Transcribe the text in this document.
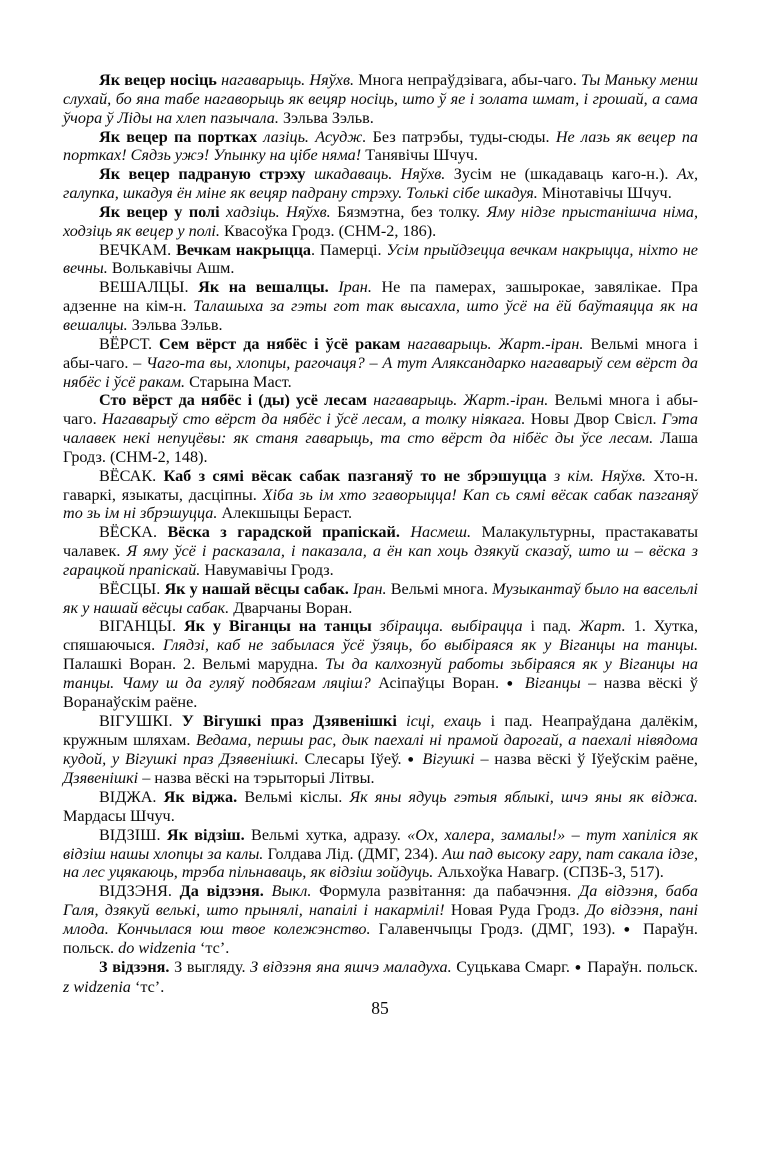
Як вецер носіць нагаварыць. Няўхв. Многа непраўдзівага, абы-чаго. Ты Маньку менш слухай, бо яна табе нагаворыць як вецяр носіць, што ў яе і золата шмат, і грошай, а сама ўчора ў Ліды на хлеп пазычала. Зэльва Зэльв.

Як вецер па портках лазіць. Асудж. Без патрэбы, туды-сюды. Не лазь як вецер па портках! Сядзь ужэ! Упынку на цібе няма! Танявічы Шчуч.

Як вецер падраную стрэху шкадаваць. Няўхв. Зусім не (шкадаваць каго-н.). Ах, галупка, шкадуя ён міне як вецяр падрану стрэху. Толькі сібе шкадуя. Мінотавічы Шчуч.

Як вецер у полі хадзіць. Няўхв. Бязмэтна, без толку. Яму нідзе прыстанішча німа, ходзіць як вецер у полі. Квасоўка Гродз. (СНМ-2, 186).

ВЕЧКАМ. Вечкам накрыцца. Памерці. Усім прыйдзецца вечкам накрыцца, ніхто не вечны. Волькавічы Ашм.

ВЕШАЛЦЫ. Як на вешалцы. Іран. Не па памерах, зашырокае, завялікае. Пра адзенне на кім-н. Талашыха за гэты гот так высахла, што ўсё на ёй баўтаяцца як на вешалцы. Зэльва Зэльв.

ВЁРСТ. Сем вёрст да нябёс і ўсё ракам нагаварыць. Жарт.-іран. Вельмі многа і абы-чаго. – Чаго-та вы, хлопцы, рагочаця? – А тут Аляксандарко нагаварыў сем вёрст да нябёс і ўсё ракам. Старына Маст.

Сто вёрст да нябёс і (ды) усё лесам нагаварыць. Жарт.-іран. Вельмі многа і абы-чаго. Нагаварыў сто вёрст да нябёс і ўсё лесам, а толку ніякага. Новы Двор Свісл. Гэта чалавек некі непуцёвы: як станя гаварыць, та сто вёрст да нібёс ды ўсе лесам. Лаша Гродз. (СНМ-2, 148).

ВЁСАК. Каб з сямі вёсак сабак пазганяў то не збрэшуцца з кім. Няўхв. Хто-н. гаваркі, языкаты, дасціпны. Хіба зь ім хто згаворыцца! Кап сь сямі вёсак сабак пазганяў то зь ім ні збрэшуцца. Алекшыцы Бераст.

ВЁСКА. Вёска з гарадской прапіскай. Насмеш. Малакультурны, прастакаваты чалавек. Я яму ўсё і расказала, і паказала, а ён кап хоць дзякуй сказаў, што ш – вёска з гарацкой прапіскай. Навумавічы Гродз.

ВЁСЦЫ. Як у нашай вёсцы сабак. Іран. Вельмі многа. Музыкантаў было на васельлі як у нашай вёсцы сабак. Дварчаны Воран.

ВІГАНЦЫ. Як у Віганцы на танцы збірацца. выбірацца і пад. Жарт. 1. Хутка, спяшаючыся. Глядзі, каб не забылася ўсё ўзяць, бо выбіраяся як у Віганцы на танцы. Палашкі Воран. 2. Вельмі марудна. Ты да калхознуй работы зьбіраяся як у Віганцы на танцы. Чаму ш да гуляў подбягам ляціш? Асіпаўцы Воран. ● Віганцы – назва вёскі ў Воранаўскім раёне.

ВІГУШКІ. У Вігушкі праз Дзявенішкі ісці, ехаць і пад. Неапраўдана далёкім, кружным шляхам. Ведама, першы рас, дык паехалі ні прамой дарогай, а паехалі нівядома кудой, у Вігушкі праз Дзявенішкі. Слесары Іўеў. ● Вігушкі – назва вёскі ў Іўеўскім раёне, Дзявенішкі – назва вёскі на тэрыторыі Літвы.

ВІДЖА. Як віджа. Вельмі кіслы. Як яны ядуць гэтыя яблыкі, шчэ яны як віджа. Мардасы Шчуч.

ВІДЗІШ. Як відзіш. Вельмі хутка, адразу. «Ох, халера, замалы!» – тут хапіліся як відзіш нашы хлопцы за калы. Голдава Лід. (ДМГ, 234). Аш пад высоку гару, пат сакала ідзе, на лес уцякаюць, трэба пільнаваць, як відзіш зойдуць. Альхоўка Навагр. (СПЗБ-3, 517).

ВІДЗЭНЯ. Да відзэня. Выкл. Формула развітання: да пабачэння. Да відзэня, баба Галя, дзякуй велькі, што прынялі, напаілі і накармілі! Новая Руда Гродз. До відзэня, пані млода. Кончылася юш твое колежэнство. Галавенчыцы Гродз. (ДМГ, 193). ● Параўн. польск. do widzenia ‘тс’.

З відзэня. З выгляду. З відзэня яна яшчэ маладуха. Суцькава Смарг. ● Параўн. польск. z widzenia ‘тс’.

85
